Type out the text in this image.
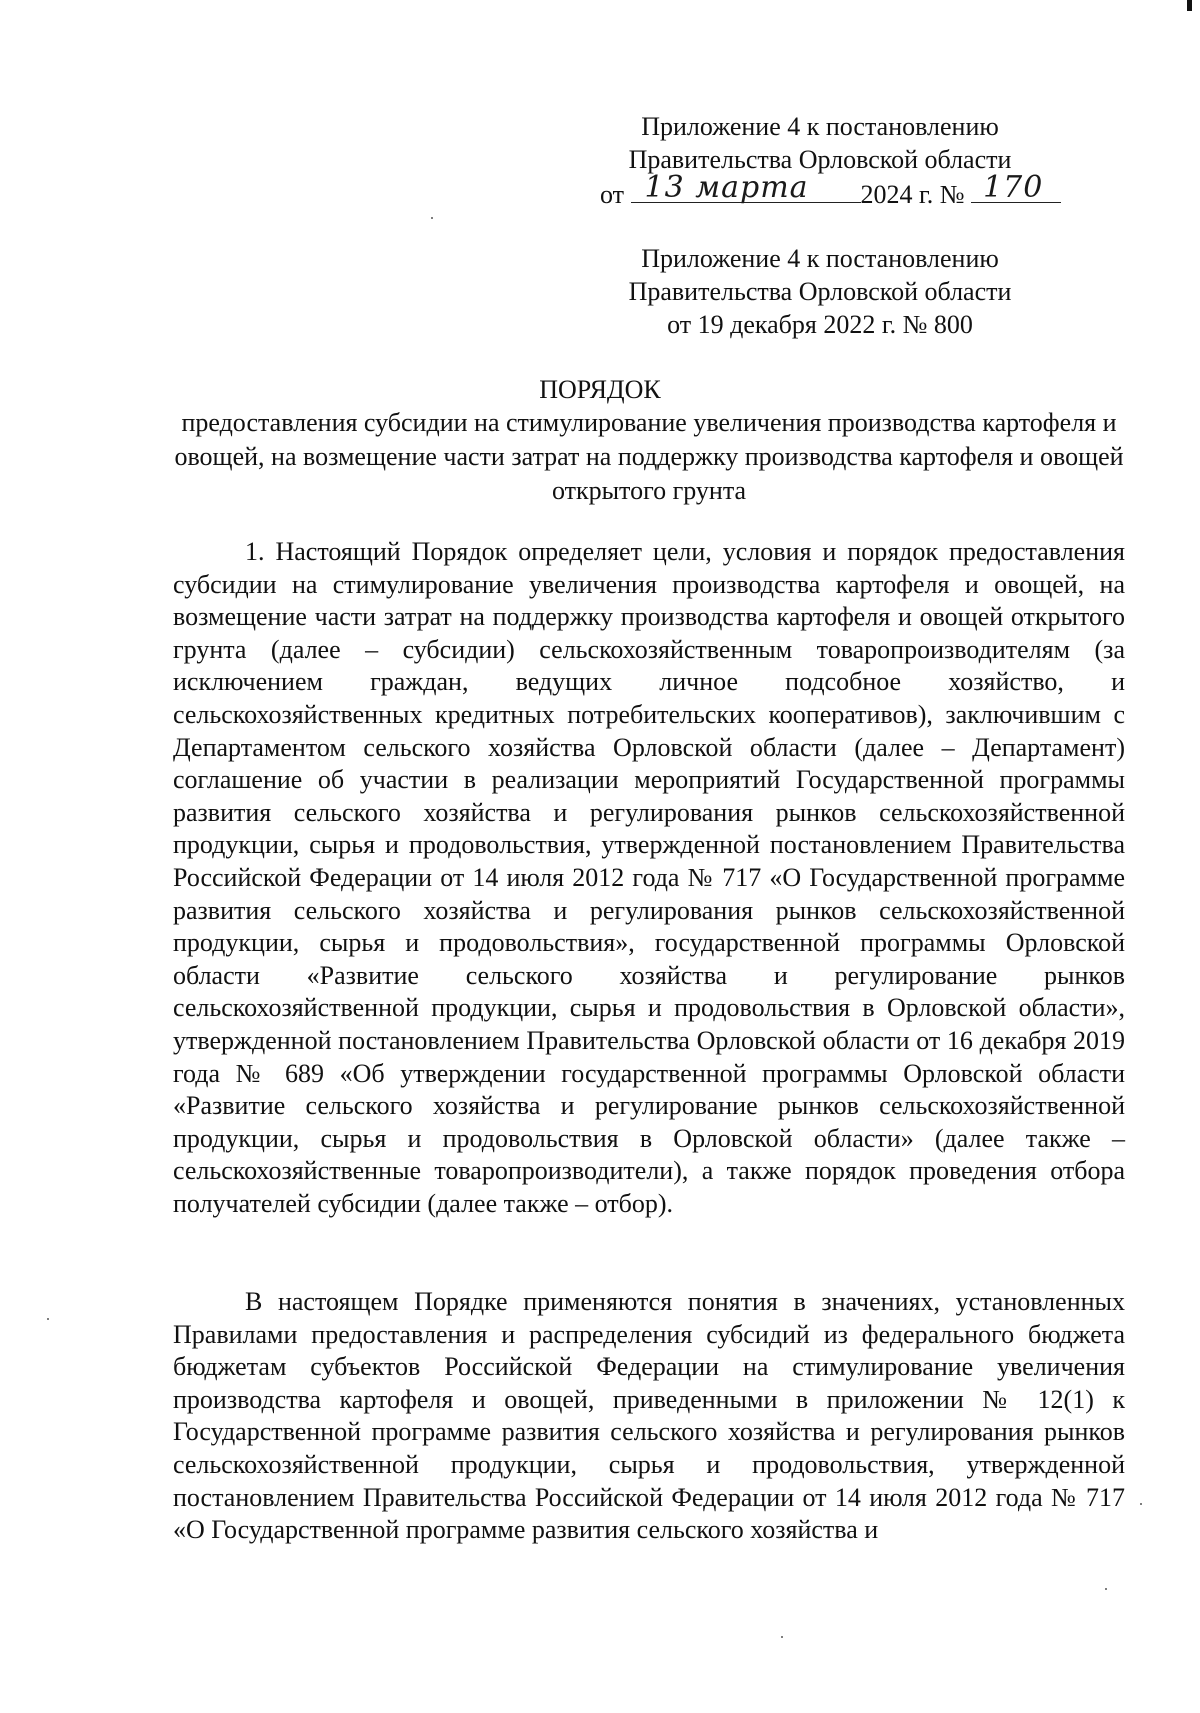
Приложение 4 к постановлению
Правительства Орловской области
от 13 марта 2024 г. № 170
Приложение 4 к постановлению
Правительства Орловской области
от 19 декабря 2022 г. № 800
ПОРЯДОК
предоставления субсидии на стимулирование увеличения производства картофеля и овощей, на возмещение части затрат на поддержку производства картофеля и овощей открытого грунта
1. Настоящий Порядок определяет цели, условия и порядок предоставления субсидии на стимулирование увеличения производства картофеля и овощей, на возмещение части затрат на поддержку производства картофеля и овощей открытого грунта (далее – субсидии) сельскохозяйственным товаропроизводителям (за исключением граждан, ведущих личное подсобное хозяйство, и сельскохозяйственных кредитных потребительских кооперативов), заключившим с Департаментом сельского хозяйства Орловской области (далее – Департамент) соглашение об участии в реализации мероприятий Государственной программы развития сельского хозяйства и регулирования рынков сельскохозяйственной продукции, сырья и продовольствия, утвержденной постановлением Правительства Российской Федерации от 14 июля 2012 года № 717 «О Государственной программе развития сельского хозяйства и регулирования рынков сельскохозяйственной продукции, сырья и продовольствия», государственной программы Орловской области «Развитие сельского хозяйства и регулирование рынков сельскохозяйственной продукции, сырья и продовольствия в Орловской области», утвержденной постановлением Правительства Орловской области от 16 декабря 2019 года № 689 «Об утверждении государственной программы Орловской области «Развитие сельского хозяйства и регулирование рынков сельскохозяйственной продукции, сырья и продовольствия в Орловской области» (далее также – сельскохозяйственные товаропроизводители), а также порядок проведения отбора получателей субсидии (далее также – отбор).
В настоящем Порядке применяются понятия в значениях, установленных Правилами предоставления и распределения субсидий из федерального бюджета бюджетам субъектов Российской Федерации на стимулирование увеличения производства картофеля и овощей, приведенными в приложении № 12(1) к Государственной программе развития сельского хозяйства и регулирования рынков сельскохозяйственной продукции, сырья и продовольствия, утвержденной постановлением Правительства Российской Федерации от 14 июля 2012 года № 717 «О Государственной программе развития сельского хозяйства и
